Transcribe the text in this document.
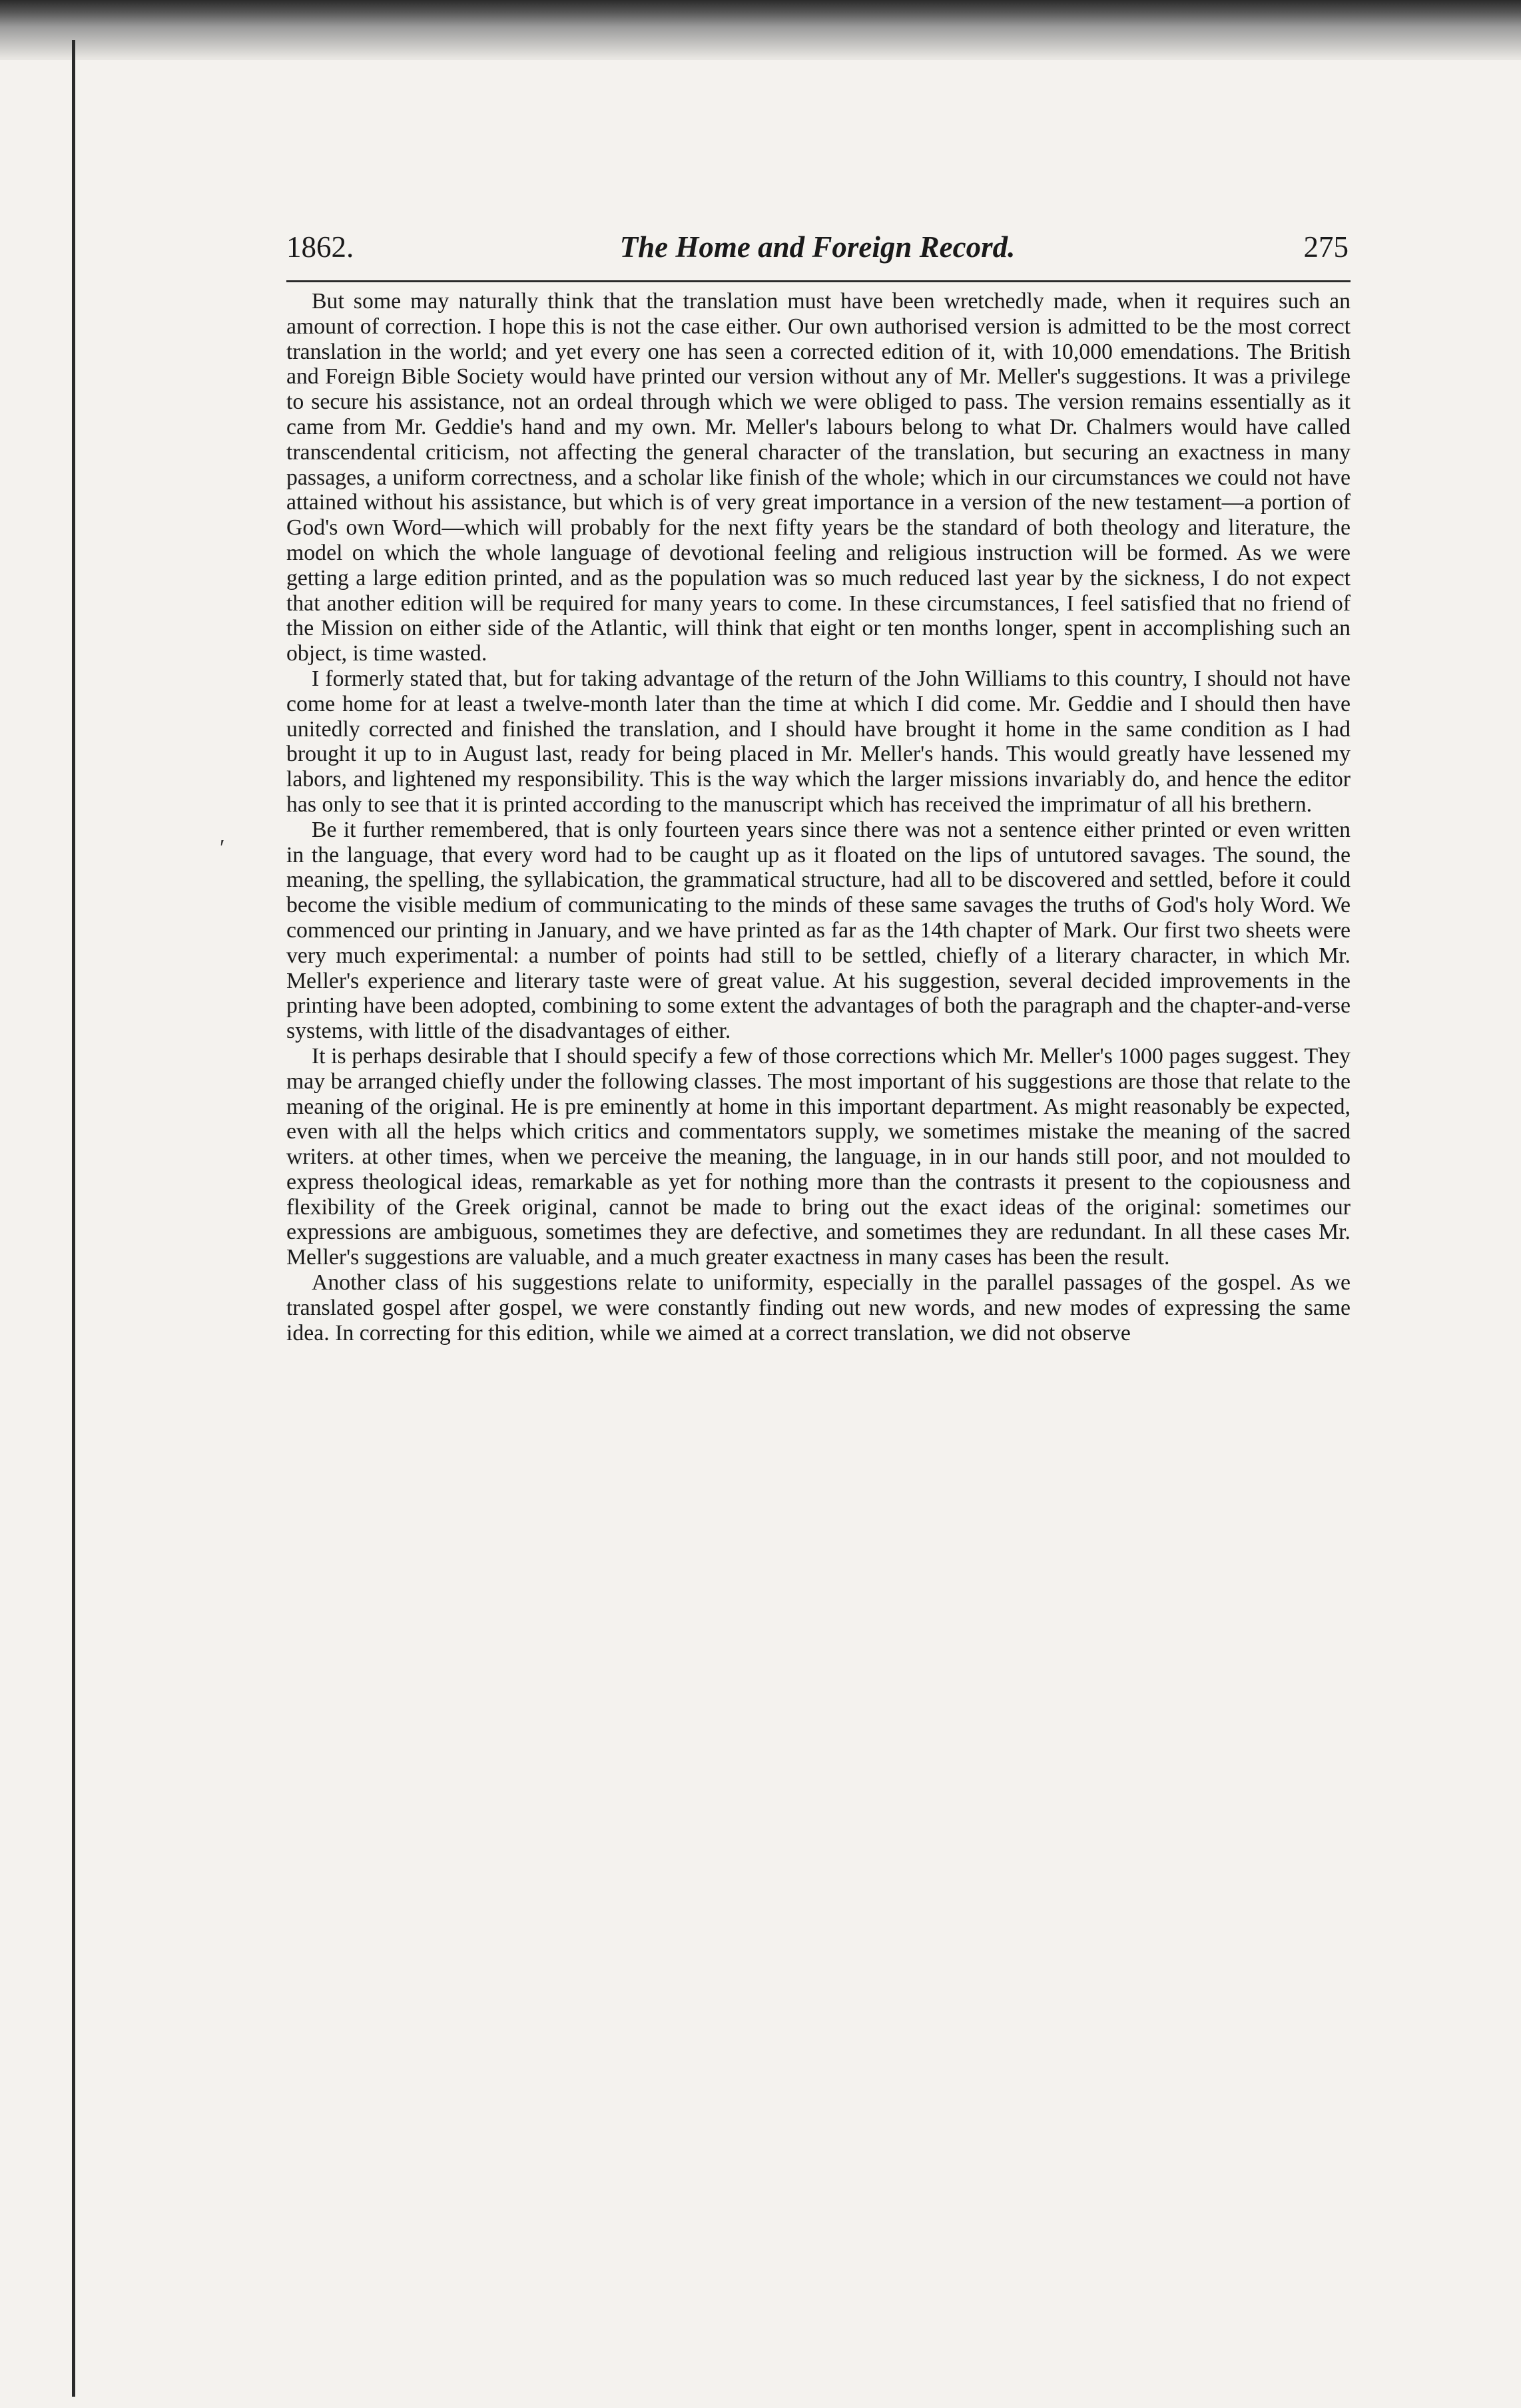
1862.	The Home and Foreign Record.	275
′

But some may naturally think that the translation must have been wretchedly made, when it requires such an amount of correction. I hope this is not the case either. Our own authorised version is admitted to be the most correct translation in the world; and yet every one has seen a corrected edition of it, with 10,000 emendations. The British and Foreign Bible Society would have printed our version without any of Mr. Meller's suggestions. It was a privilege to secure his assistance, not an ordeal through which we were obliged to pass. The version remains essentially as it came from Mr. Geddie's hand and my own. Mr. Meller's labours belong to what Dr. Chalmers would have called transcendental criticism, not affecting the general character of the translation, but securing an exactness in many passages, a uniform correctness, and a scholar like finish of the whole; which in our circumstances we could not have attained without his assistance, but which is of very great importance in a version of the new testament—a portion of God's own Word—which will probably for the next fifty years be the standard of both theology and literature, the model on which the whole language of devotional feeling and religious instruction will be formed. As we were getting a large edition printed, and as the population was so much reduced last year by the sickness, I do not expect that another edition will be required for many years to come. In these circumstances, I feel satisfied that no friend of the Mission on either side of the Atlantic, will think that eight or ten months longer, spent in accomplishing such an object, is time wasted.

I formerly stated that, but for taking advantage of the return of the John Williams to this country, I should not have come home for at least a twelve-month later than the time at which I did come. Mr. Geddie and I should then have unitedly corrected and finished the translation, and I should have brought it home in the same condition as I had brought it up to in August last, ready for being placed in Mr. Meller's hands. This would greatly have lessened my labors, and lightened my responsibility. This is the way which the larger missions invariably do, and hence the editor has only to see that it is printed according to the manuscript which has received the imprimatur of all his brethern.

Be it further remembered, that is only fourteen years since there was not a sentence either printed or even written in the language, that every word had to be caught up as it floated on the lips of untutored savages. The sound, the meaning, the spelling, the syllabication, the grammatical structure, had all to be discovered and settled, before it could become the visible medium of communicating to the minds of these same savages the truths of God's holy Word. We commenced our printing in January, and we have printed as far as the 14th chapter of Mark. Our first two sheets were very much experimental: a number of points had still to be settled, chiefly of a literary character, in which Mr. Meller's experience and literary taste were of great value. At his suggestion, several decided improvements in the printing have been adopted, combining to some extent the advantages of both the paragraph and the chapter-and-verse systems, with little of the disadvantages of either.

It is perhaps desirable that I should specify a few of those corrections which Mr. Meller's 1000 pages suggest. They may be arranged chiefly under the following classes. The most important of his suggestions are those that relate to the meaning of the original. He is pre eminently at home in this important department. As might reasonably be expected, even with all the helps which critics and commentators supply, we sometimes mistake the meaning of the sacred writers. at other times, when we perceive the meaning, the language, in in our hands still poor, and not moulded to express theological ideas, remarkable as yet for nothing more than the contrasts it present to the copiousness and flexibility of the Greek original, cannot be made to bring out the exact ideas of the original: sometimes our expressions are ambiguous, sometimes they are defective, and sometimes they are redundant. In all these cases Mr. Meller's suggestions are valuable, and a much greater exactness in many cases has been the result.

Another class of his suggestions relate to uniformity, especially in the parallel passages of the gospel. As we translated gospel after gospel, we were constantly finding out new words, and new modes of expressing the same idea. In correcting for this edition, while we aimed at a correct translation, we did not observe
